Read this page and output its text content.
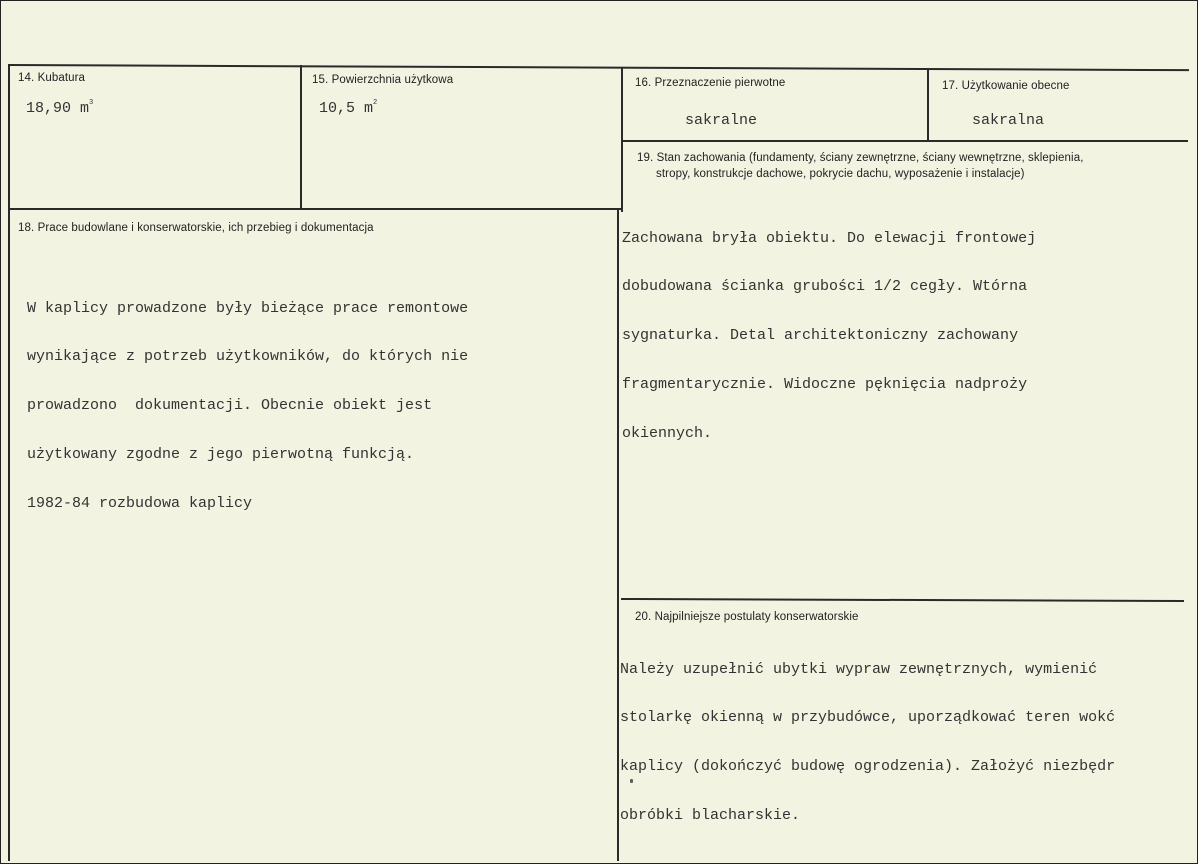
14. Kubatura
18,90 $m^3$
15. Powierzchnia użytkowa
10,5 $m^2$
16. Przeznaczenie pierwotne
sakralne
17. Użytkowanie obecne
sakralna
19. Stan zachowania (fundamenty, ściany zewnętrzne, ściany wewnętrzne, sklepienia,
stropy, konstrukcje dachowe, pokrycie dachu, wyposażenie i instalacje)

Zachowana bryła obiektu. Do elewacji frontowej

dobudowana ścianka grubości 1/2 cegły. Wtórna

sygnaturka. Detal architektoniczny zachowany

fragmentarycznie. Widoczne pęknięcia nadproży

okiennych.

18. Prace budowlane i konserwatorskie, ich przebieg i dokumentacja

W kaplicy prowadzone były bieżące prace remontowe

wynikające z potrzeb użytkowników, do których nie

prowadzono  dokumentacji. Obecnie obiekt jest

użytkowany zgodne z jego pierwotną funkcją.

1982-84 rozbudowa kaplicy

20. Najpilniejsze postulaty konserwatorskie

Należy uzupełnić ubytki wypraw zewnętrznych, wymienić

stolarkę okienną w przybudówce, uporządkować teren wokć

kaplicy (dokończyć budowę ogrodzenia). Założyć niezbędr

obróbki blacharskie.
